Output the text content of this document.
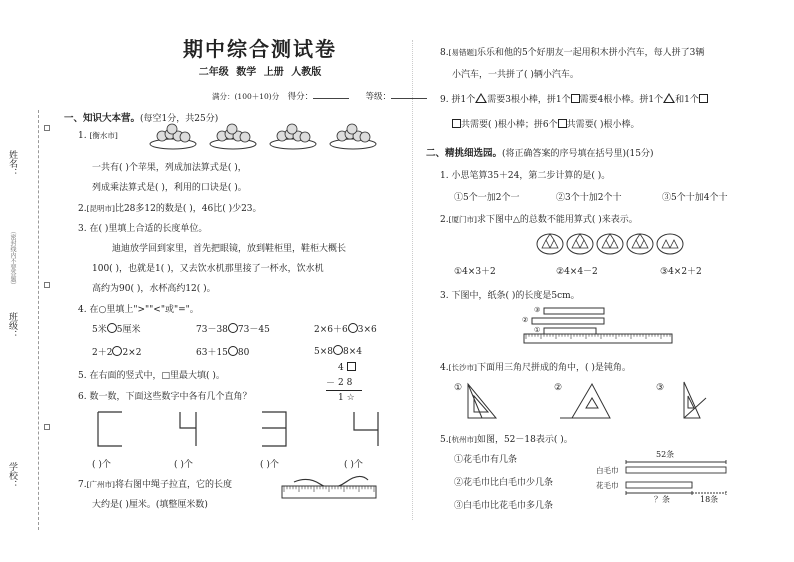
姓名：
（密封线内不要答题）
班级：
学校：
期中综合测试卷
二年级 数学 上册 人教版
满分：(100＋10)分 得分：	等级：
一、知识大本营。(每空1分，共25分)
1. [衡水市]
一共有( )个苹果，列成加法算式是( )，
列成乘法算式是( )，利用的口诀是( )。
2.[昆明市]比28多12的数是( )，46比( )少23。
3. 在( )里填上合适的长度单位。
迪迪放学回到家里，首先把眼镜，放到鞋柜里，鞋柜大概长
100( )，也就是1( )，又去饮水机那里接了一杯水，饮水机
高约为90( )，水杯高约12( )。
4. 在○里填上">""<"或"="。
5米 5厘米	73－38 73－45	2×6＋6 3×6
2＋2 2×2	63＋15 80	5×8 8×4
5. 在右面的竖式中，□里最大填( )。
4
－ 2 8
1 ☆
6. 数一数，下面这些数字中各有几个直角？
( )个	( )个	( )个	( )个
7.[广州市]将右图中绳子拉直，它的长度
大约是( )厘米。(填整厘米数)
8.[易错题]乐乐和他的5个好朋友一起用积木拼小汽车，每人拼了3辆
小汽车，一共拼了( )辆小汽车。
9. 拼1个 需要3根小棒，拼1个 需要4根小棒。拼1个 和1个
共需要( )根小棒；拼6个 共需要( )根小棒。
二、精挑细选园。(将正确答案的序号填在括号里)(15分)
1. 小思笔算35＋24，第二步计算的是( )。
①5个一加2个一	②3个十加2个十	③5个十加4个十
2.[厦门市]求下图中△的总数不能用算式( )来表示。
①4×3＋2	②4×4－2	③4×2＋2
3. 下图中，纸条( )的长度是5cm。
③
②
①
4.[长沙市]下面用三角尺拼成的角中，( )是钝角。
①	②	③
5.[杭州市]如图，52－18表示( )。
①花毛巾有几条
②花毛巾比白毛巾少几条
③白毛巾比花毛巾多几条
52条
白毛巾
花毛巾
？条	18条
